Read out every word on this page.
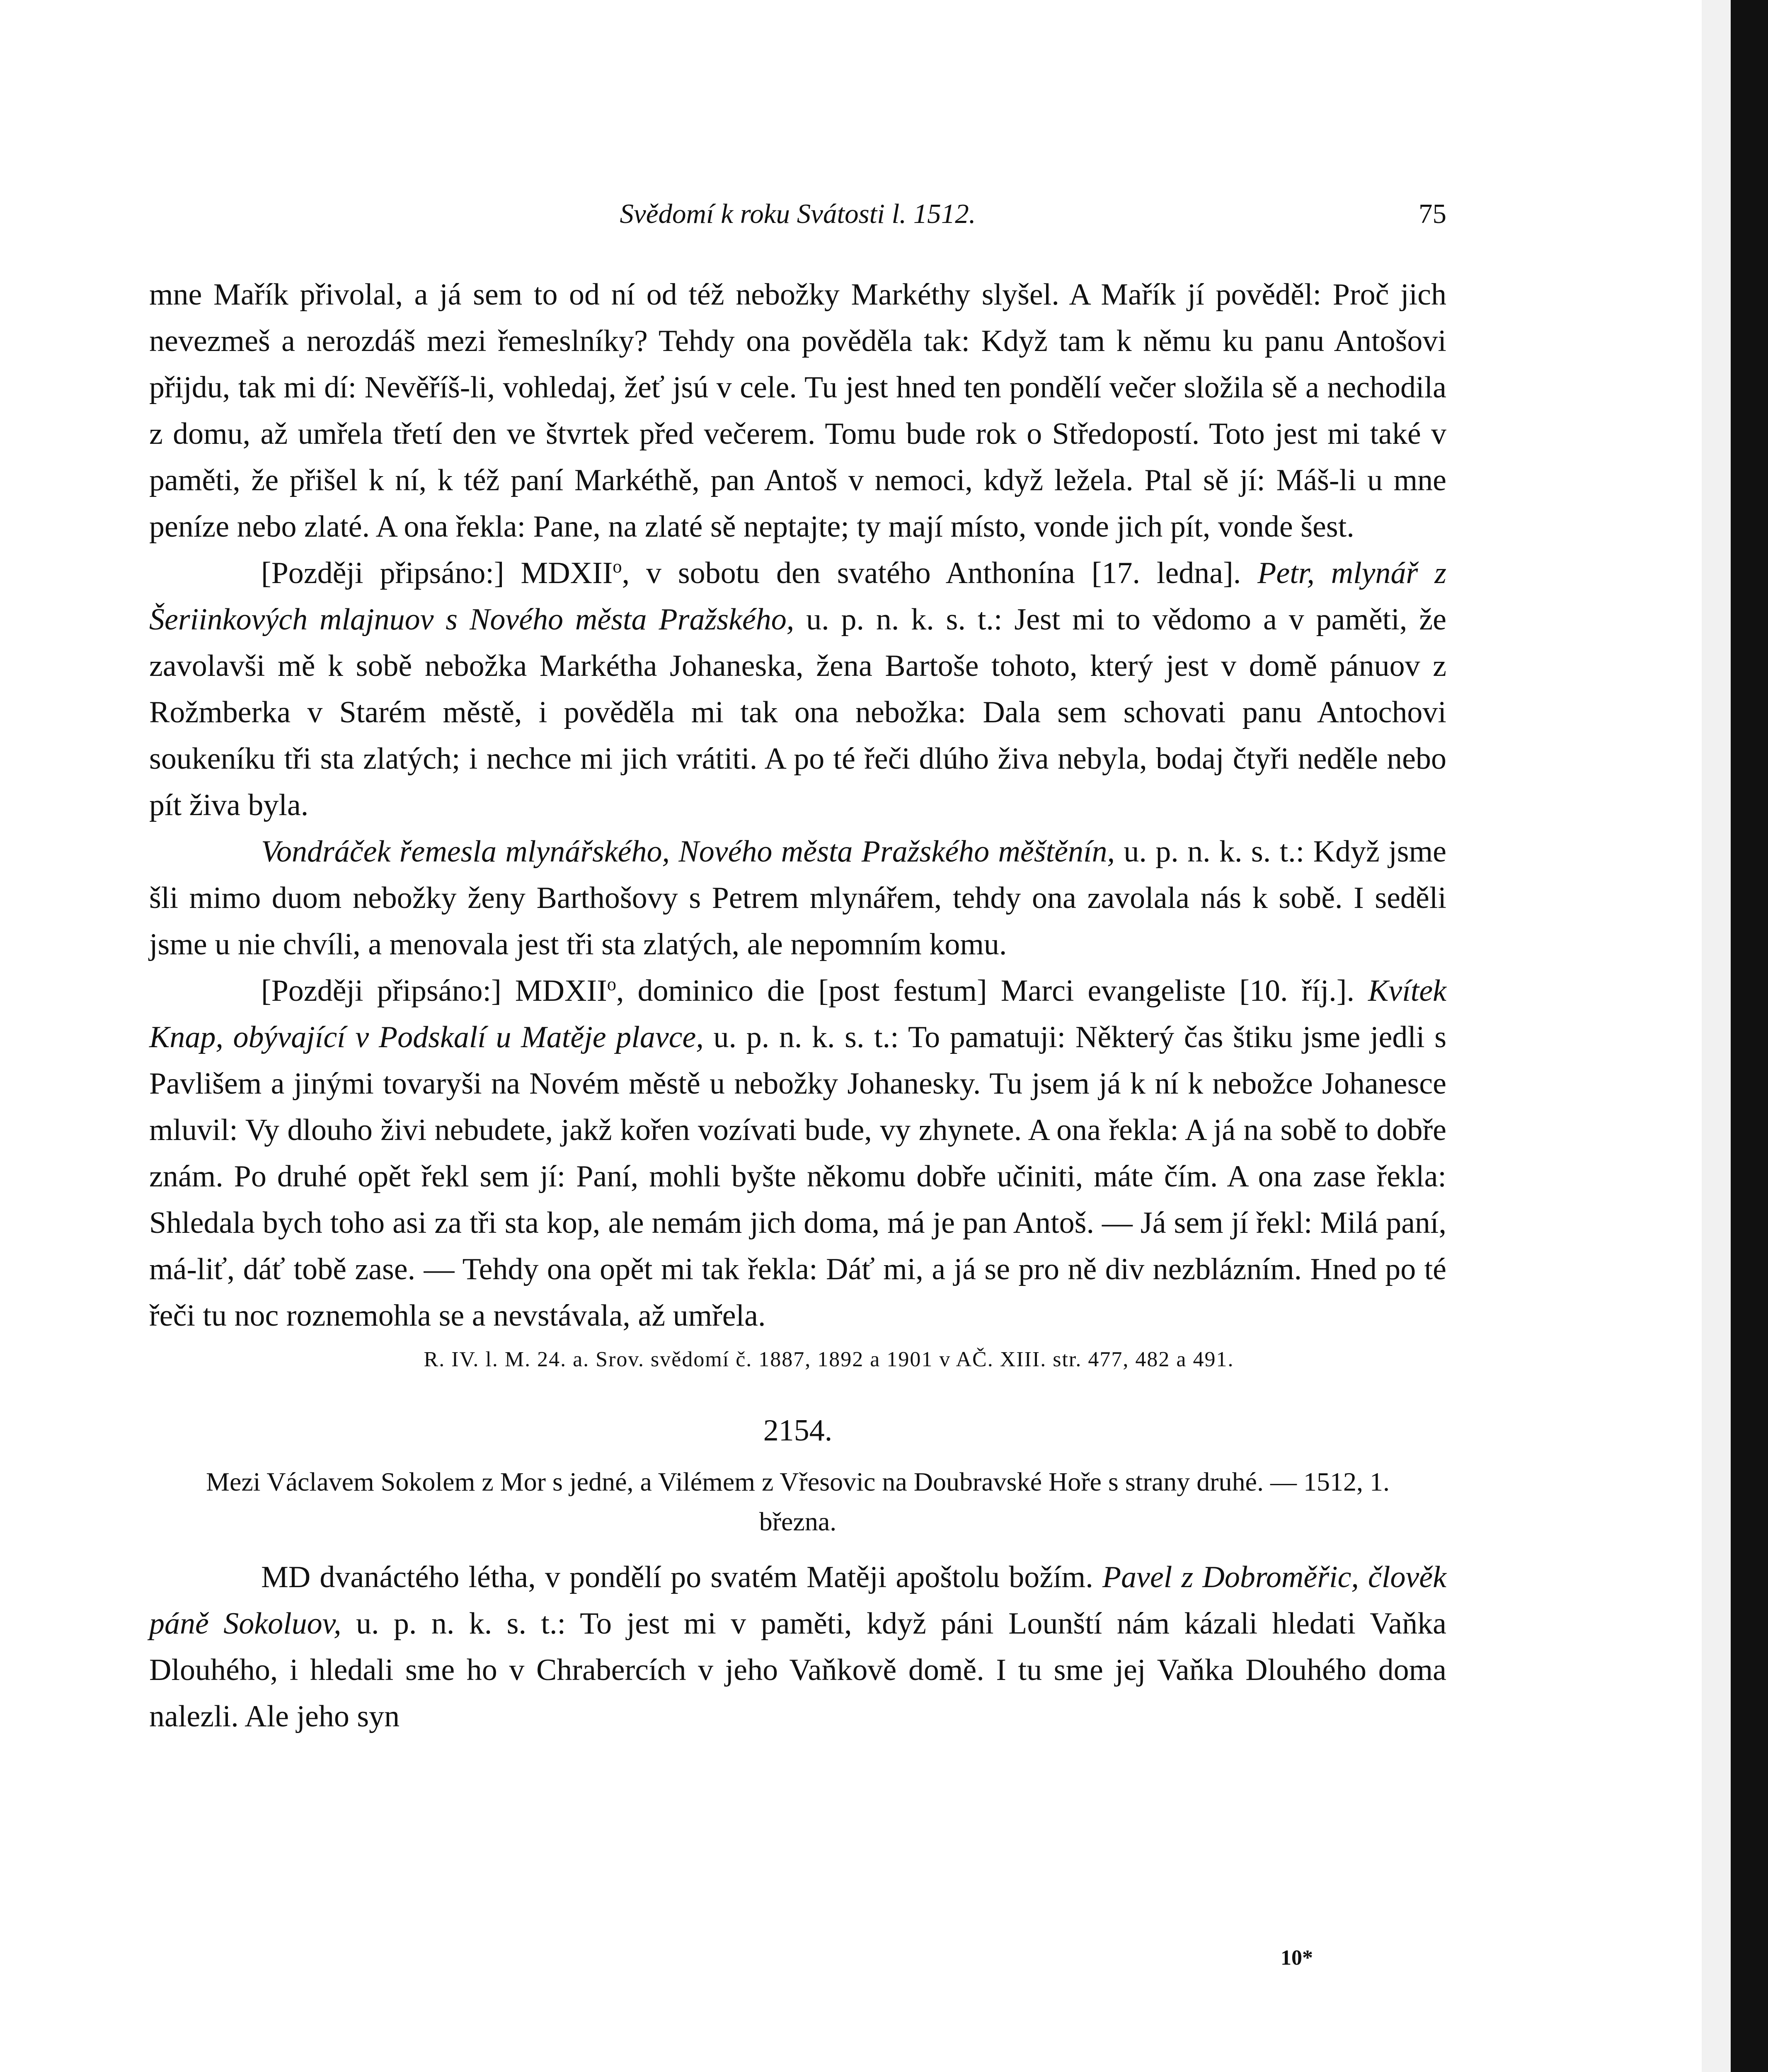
Svědomí k roku Svátosti l. 1512.	75

mne Mařík přivolal, a já sem to od ní od též nebožky Markéthy slyšel. A Mařík jí pověděl: Proč jich nevezmeš a nerozdáš mezi řemeslníky? Tehdy ona pověděla tak: Když tam k němu ku panu Antošovi přijdu, tak mi dí: Nevěříš-li, vohledaj, žeť jsú v cele. Tu jest hned ten pondělí večer složila sě a nechodila z domu, až umřela třetí den ve štvrtek před večerem. Tomu bude rok o Středopostí. Toto jest mi také v paměti, že přišel k ní, k též paní Markéthě, pan Antoš v nemoci, když ležela. Ptal sě jí: Máš-li u mne peníze nebo zlaté. A ona řekla: Pane, na zlaté sě neptajte; ty mají místo, vonde jich pít, vonde šest.

[Později připsáno:] MDXII$^o$, v sobotu den svatého Anthonína [17. ledna]. Petr, mlynář z Šeriinkových mlajnuov s Nového města Pražského, u. p. n. k. s. t.: Jest mi to vědomo a v paměti, že zavolavši mě k sobě nebožka Markétha Johaneska, žena Bartoše tohoto, který jest v domě pánuov z Rožmberka v Starém městě, i pověděla mi tak ona nebožka: Dala sem schovati panu Antochovi soukeníku tři sta zlatých; i nechce mi jich vrátiti. A po té řeči dlúho živa nebyla, bodaj čtyři neděle nebo pít živa byla.

Vondráček řemesla mlynářského, Nového města Pražského měštěnín, u. p. n. k. s. t.: Když jsme šli mimo duom nebožky ženy Barthošovy s Petrem mlynářem, tehdy ona zavolala nás k sobě. I seděli jsme u nie chvíli, a menovala jest tři sta zlatých, ale nepomním komu.

[Později připsáno:] MDXII$^o$, dominico die [post festum] Marci evangeliste [10. říj.]. Kvítek Knap, obývající v Podskalí u Matěje plavce, u. p. n. k. s. t.: To pamatuji: Některý čas štiku jsme jedli s Pavlišem a jinými tovaryši na Novém městě u nebožky Johanesky. Tu jsem já k ní k nebožce Johanesce mluvil: Vy dlouho živi nebudete, jakž kořen vozívati bude, vy zhynete. A ona řekla: A já na sobě to dobře znám. Po druhé opět řekl sem jí: Paní, mohli byšte někomu dobře učiniti, máte čím. A ona zase řekla: Shledala bych toho asi za tři sta kop, ale nemám jich doma, má je pan Antoš. — Já sem jí řekl: Milá paní, má-liť, dáť tobě zase. — Tehdy ona opět mi tak řekla: Dáť mi, a já se pro ně div nezblázním. Hned po té řeči tu noc roznemohla se a nevstávala, až umřela.

R. IV. l. M. 24. a. Srov. svědomí č. 1887, 1892 a 1901 v AČ. XIII. str. 477, 482 a 491.

2154.

Mezi Václavem Sokolem z Mor s jedné, a Vilémem z Vřesovic na Doubravské Hoře s strany druhé. — 1512, 1. března.

MD dvanáctého létha, v pondělí po svatém Matěji apoštolu božím. Pavel z Dobroměřic, člověk páně Sokoluov, u. p. n. k. s. t.: To jest mi v paměti, když páni Lounští nám kázali hledati Vaňka Dlouhého, i hledali sme ho v Chrabercích v jeho Vaňkově domě. I tu sme jej Vaňka Dlouhého doma nalezli. Ale jeho syn

10*
